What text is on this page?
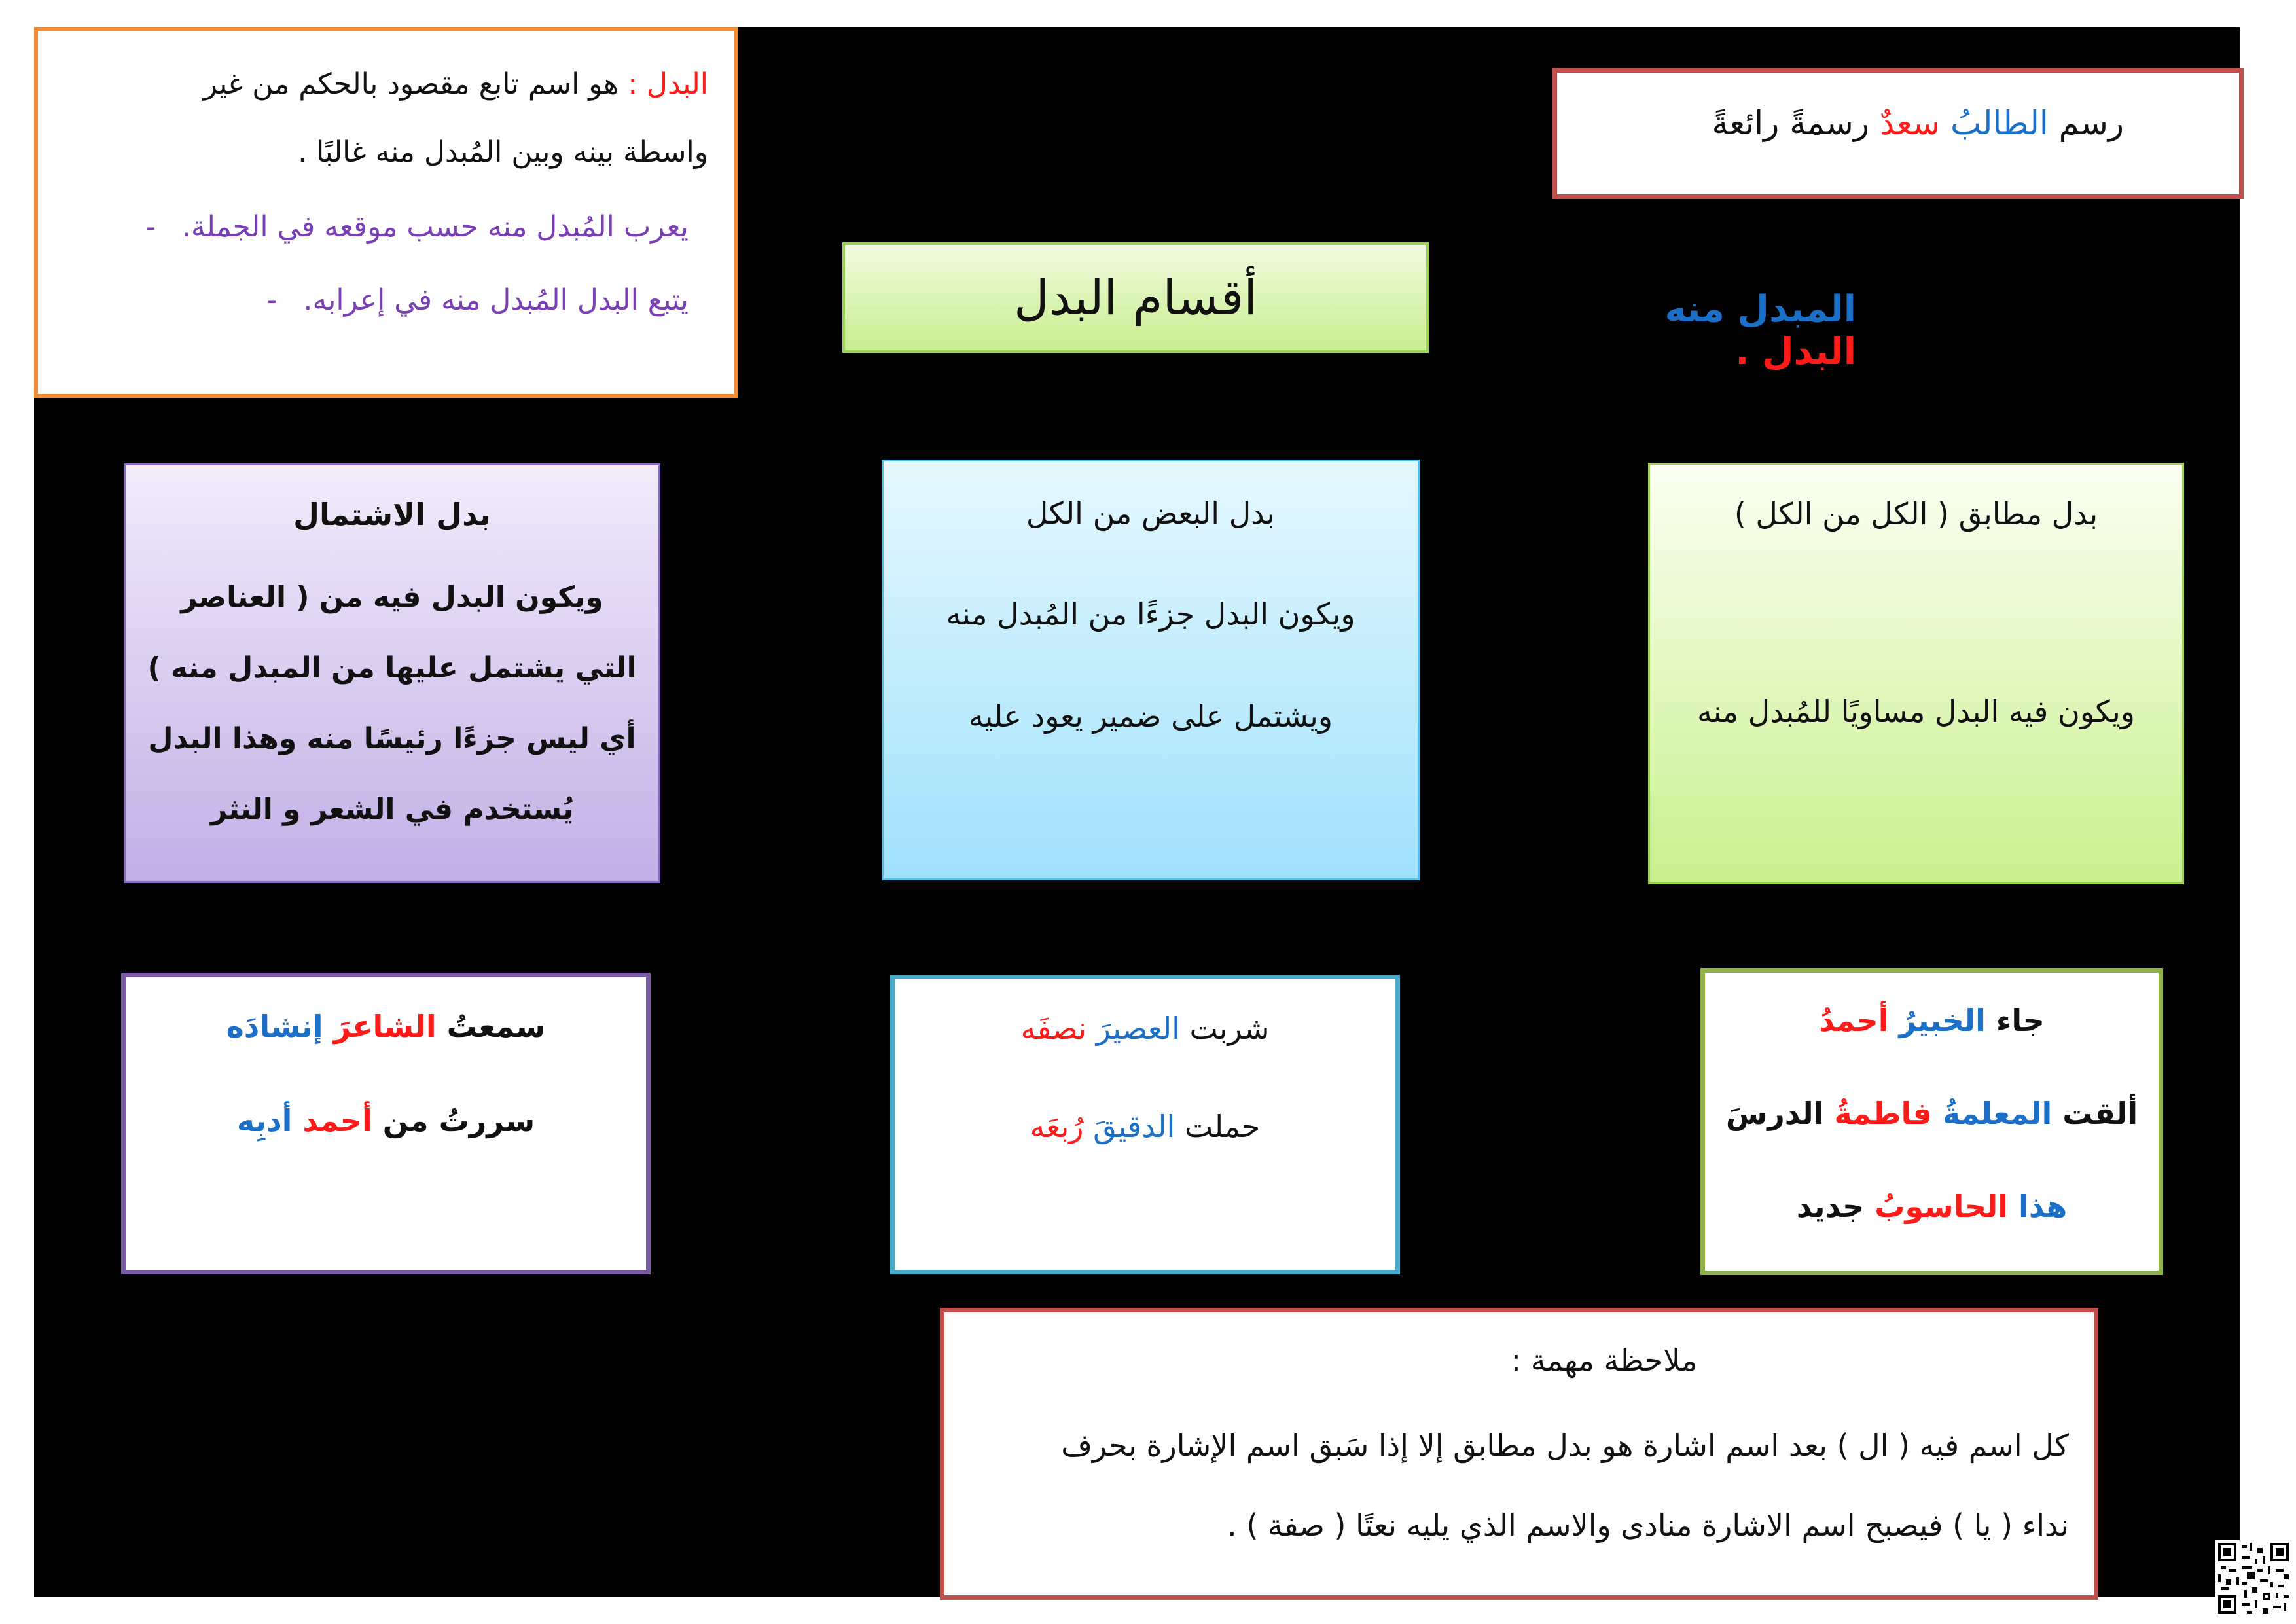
البدل : هو اسم تابع مقصود بالحكم من غير
واسطة بينه وبين المُبدل منه غالبًا .
يعرب المُبدل منه حسب موقعه في الجملة.-
يتبع البدل المُبدل منه في إعرابه.-
رسم الطالبُ سعدٌ رسمةً رائعةً
أقسام البدل	المبدل منه  البدل .
بدل مطابق ( الكل من الكل )
ويكون فيه البدل مساويًا للمُبدل منه
بدل البعض من الكل
ويكون البدل جزءًا من المُبدل منه
ويشتمل على ضمير يعود عليه
بدل الاشتمال
ويكون البدل فيه من ( العناصر التي يشتمل عليها من المبدل منه ) أي ليس جزءًا رئيسًا منه وهذا البدل يُستخدم في الشعر و النثر
جاء الخبيرُ أحمدُ
ألقت المعلمةُ فاطمةُ الدرسَ
هذا الحاسوبُ جديد
شربت العصيرَ نصفَه
حملت الدقيقَ رُبعَه
سمعتُ الشاعرَ إنشادَه
سررتُ من أحمد أدبِه
ملاحظة مهمة :
كل اسم فيه ( ال ) بعد اسم اشارة هو بدل مطابق إلا إذا سَبق اسم الإشارة بحرف
نداء ( يا ) فيصبح اسم الاشارة منادى والاسم الذي يليه نعتًا ( صفة ) .
